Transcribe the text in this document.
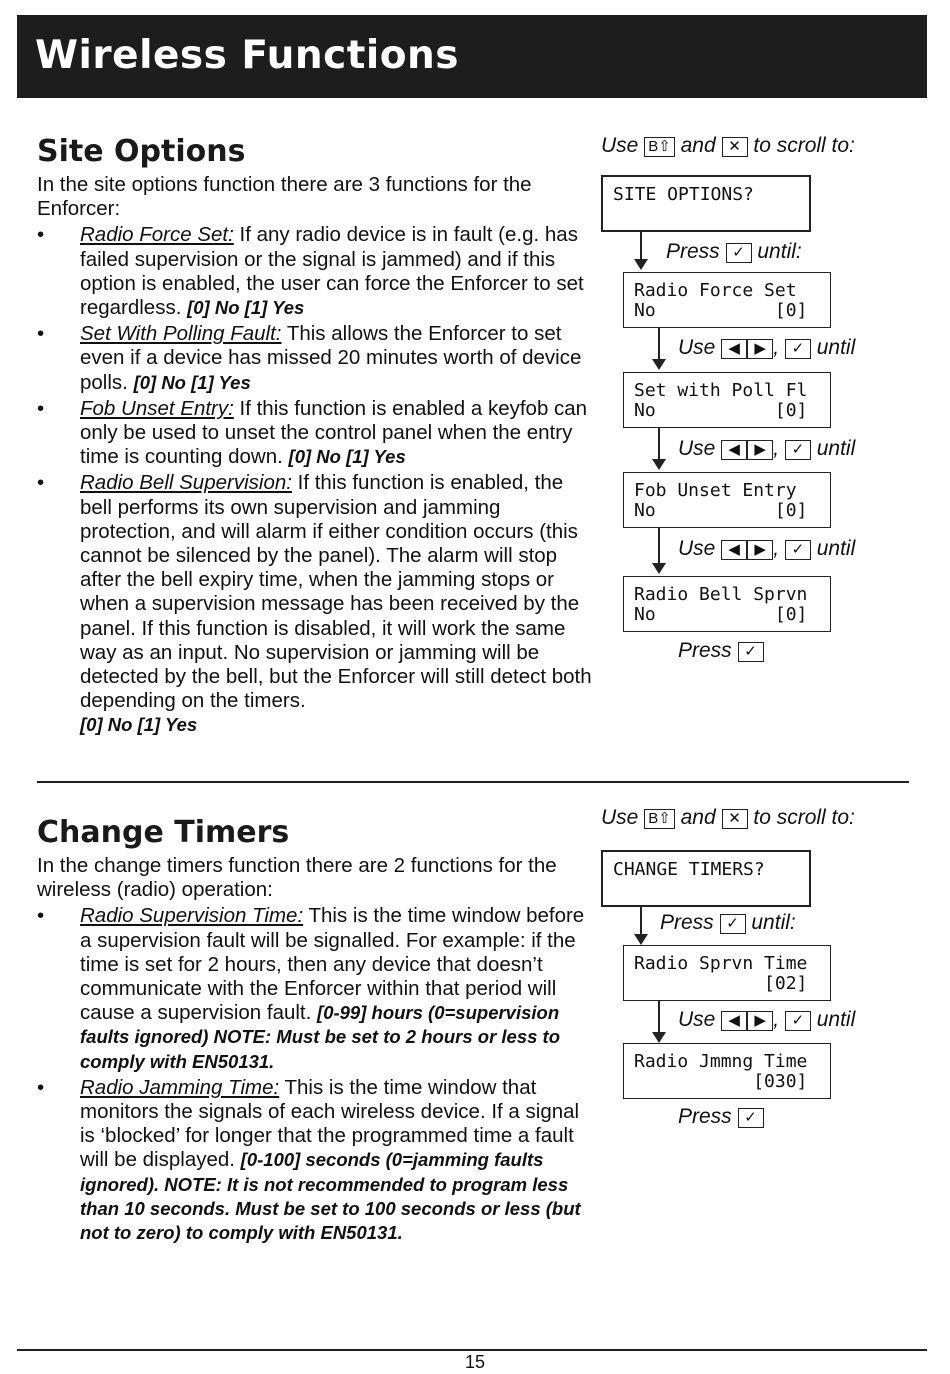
Wireless Functions
Site Options

In the site options function there are 3 functions for the Enforcer:

• Radio Force Set: If any radio device is in fault (e.g. has failed supervision or the signal is jammed) and if this option is enabled, the user can force the Enforcer to set regardless. [0] No [1] Yes
• Set With Polling Fault: This allows the Enforcer to set even if a device has missed 20 minutes worth of device polls. [0] No [1] Yes
• Fob Unset Entry: If this function is enabled a keyfob can only be used to unset the control panel when the entry time is counting down. [0] No [1] Yes
• Radio Bell Supervision: If this function is enabled, the bell performs its own supervision and jamming protection, and will alarm if either condition occurs (this cannot be silenced by the panel). The alarm will stop after the bell expiry time, when the jamming stops or when a supervision message has been received by the panel. If this function is disabled, it will work the same way as an input. No supervision or jamming will be detected by the bell, but the Enforcer will still detect both depending on the timers.
[0] No [1] Yes
Change Timers

In the change timers function there are 2 functions for the wireless (radio) operation:

• Radio Supervision Time: This is the time window before a supervision fault will be signalled. For example: if the time is set for 2 hours, then any device that doesn’t communicate with the Enforcer within that period will cause a supervision fault. [0-99] hours (0=supervision faults ignored) NOTE: Must be set to 2 hours or less to comply with EN50131.
• Radio Jamming Time: This is the time window that monitors the signals of each wireless device. If a signal is ‘blocked’ for longer that the programmed time a fault will be displayed. [0-100] seconds (0=jamming faults ignored). NOTE: It is not recommended to program less than 10 seconds. Must be set to 100 seconds or less (but not to zero) to comply with EN50131.
Use B⇧ and ✕ to scroll to:
SITE OPTIONS?
Press ✓ until:
Radio Force Set
No           [0]
Use ◀ ▶ , ✓ until
Set with Poll Fl
No           [0]
Use ◀ ▶ , ✓ until
Fob Unset Entry
No           [0]
Use ◀ ▶ , ✓ until
Radio Bell Sprvn
No           [0]
Press ✓
Use B⇧ and ✕ to scroll to:
CHANGE TIMERS?
Press ✓ until:
Radio Sprvn Time
[02]
Use ◀ ▶ , ✓ until
Radio Jmmng Time
[030]
Press ✓
15
